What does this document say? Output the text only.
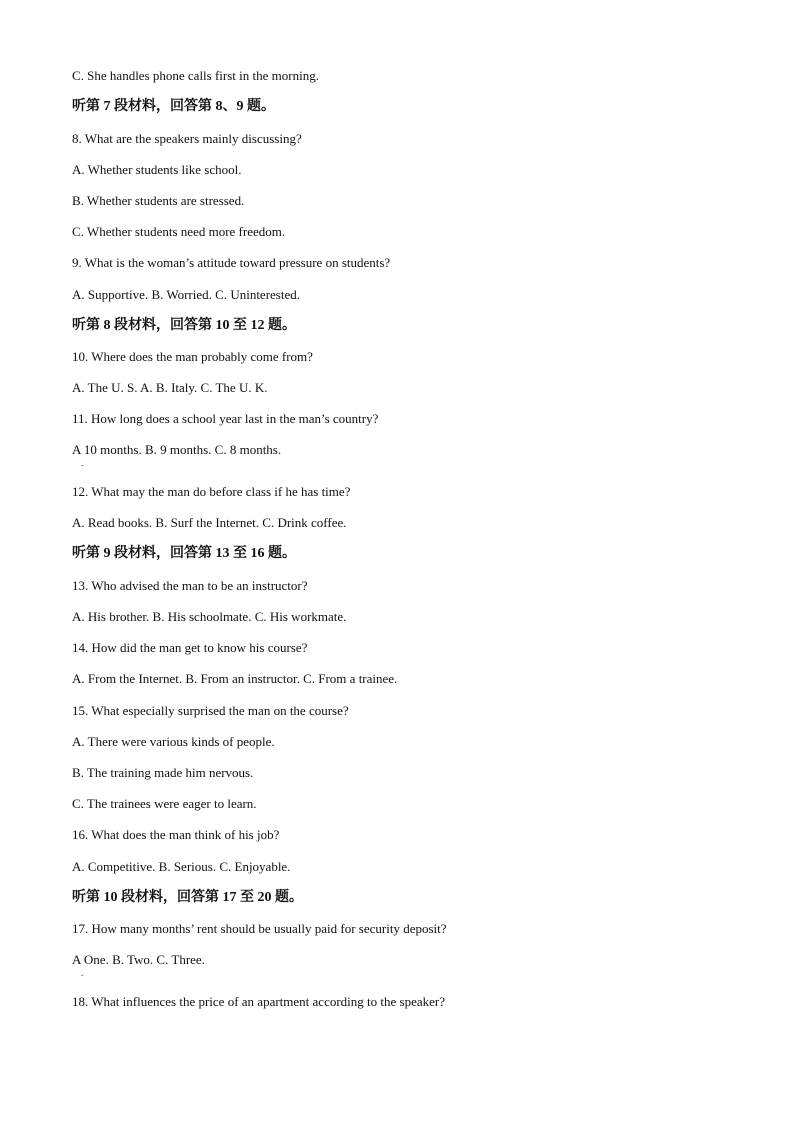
C. She handles phone calls first in the morning.
听第 7 段材料，回答第 8、9 题。
8. What are the speakers mainly discussing?
A. Whether students like school.
B. Whether students are stressed.
C. Whether students need more freedom.
9. What is the woman’s attitude toward pressure on students?
A. Supportive. B. Worried. C. Uninterested.
听第 8 段材料，回答第 10 至 12 题。
10. Where does the man probably come from?
A. The U. S. A. B. Italy. C. The U. K.
11. How long does a school year last in the man’s country?
A 10 months. B. 9 months. C. 8 months.
.
12. What may the man do before class if he has time?
A. Read books. B. Surf the Internet. C. Drink coffee.
听第 9 段材料，回答第 13 至 16 题。
13. Who advised the man to be an instructor?
A. His brother. B. His schoolmate. C. His workmate.
14. How did the man get to know his course?
A. From the Internet. B. From an instructor. C. From a trainee.
15. What especially surprised the man on the course?
A. There were various kinds of people.
B. The training made him nervous.
C. The trainees were eager to learn.
16. What does the man think of his job?
A. Competitive. B. Serious. C. Enjoyable.
听第 10 段材料，回答第 17 至 20 题。
17. How many months’ rent should be usually paid for security deposit?
A One. B. Two. C. Three.
.
18. What influences the price of an apartment according to the speaker?
